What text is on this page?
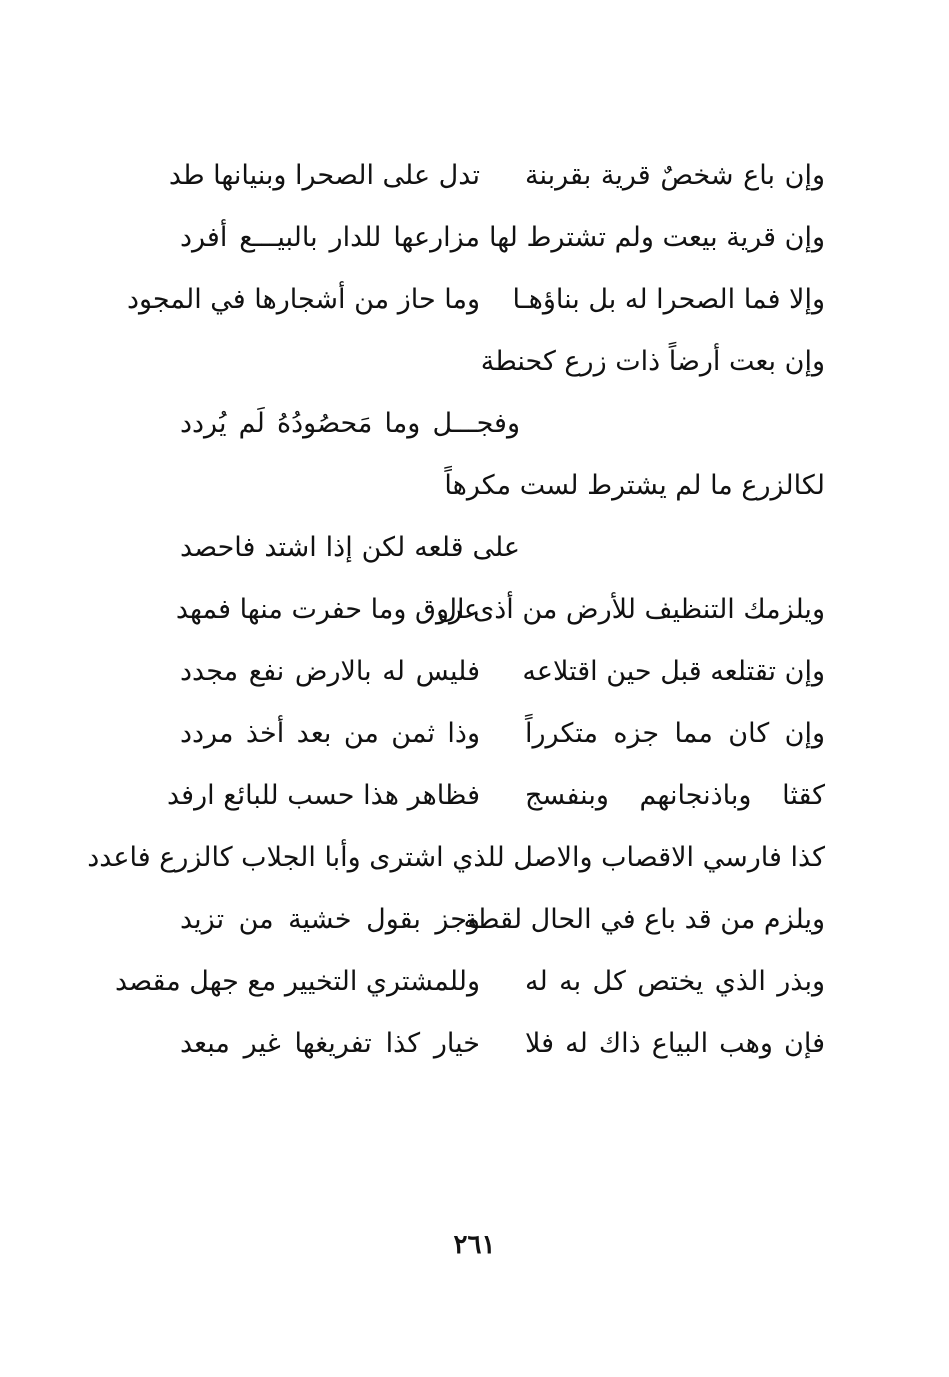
وإن باع شخصٌ قرية بقربنة
تدل على الصحرا وبنيانها طد
وإن قرية بيعت ولم تشترط لها
مزارعها للدار بالبيـــع أفرد
وإلا فما الصحرا له بل بناؤهـا
وما حاز من أشجارها في المجود
وإن بعت أرضاً ذات زرع كحنطة
وفجـــل وما مَحصُودُهُ لَم يُردد
لكالزرع ما لم يشترط لست مكرهاً
على قلعه لكن إذا اشتد فاحصد
ويلزمك التنظيف للأرض من أذى ال
عروق وما حفرت منها فمهد
وإن تقتلعه قبل حين اقتلاعه
فليس له بالارض نفع مجدد
وإن كان مما جزه متكرراً
وذا ثمن من بعد أخذ مردد
كقثا وباذنجانهم وبنفسج
فظاهر هذا حسب للبائع ارفد
كذا فارسي الاقصاب والاصل للذي اشترى وأبا الجلاب كالزرع فاعدد
ويلزم من قد باع في الحال لقطة
وجز بقول خشية من تزيد
وبذر الذي يختص كل به له
وللمشتري التخيير مع جهل مقصد
فإن وهب البياع ذاك له فلا
خيار كذا تفريغها غير مبعد
٢٦١
